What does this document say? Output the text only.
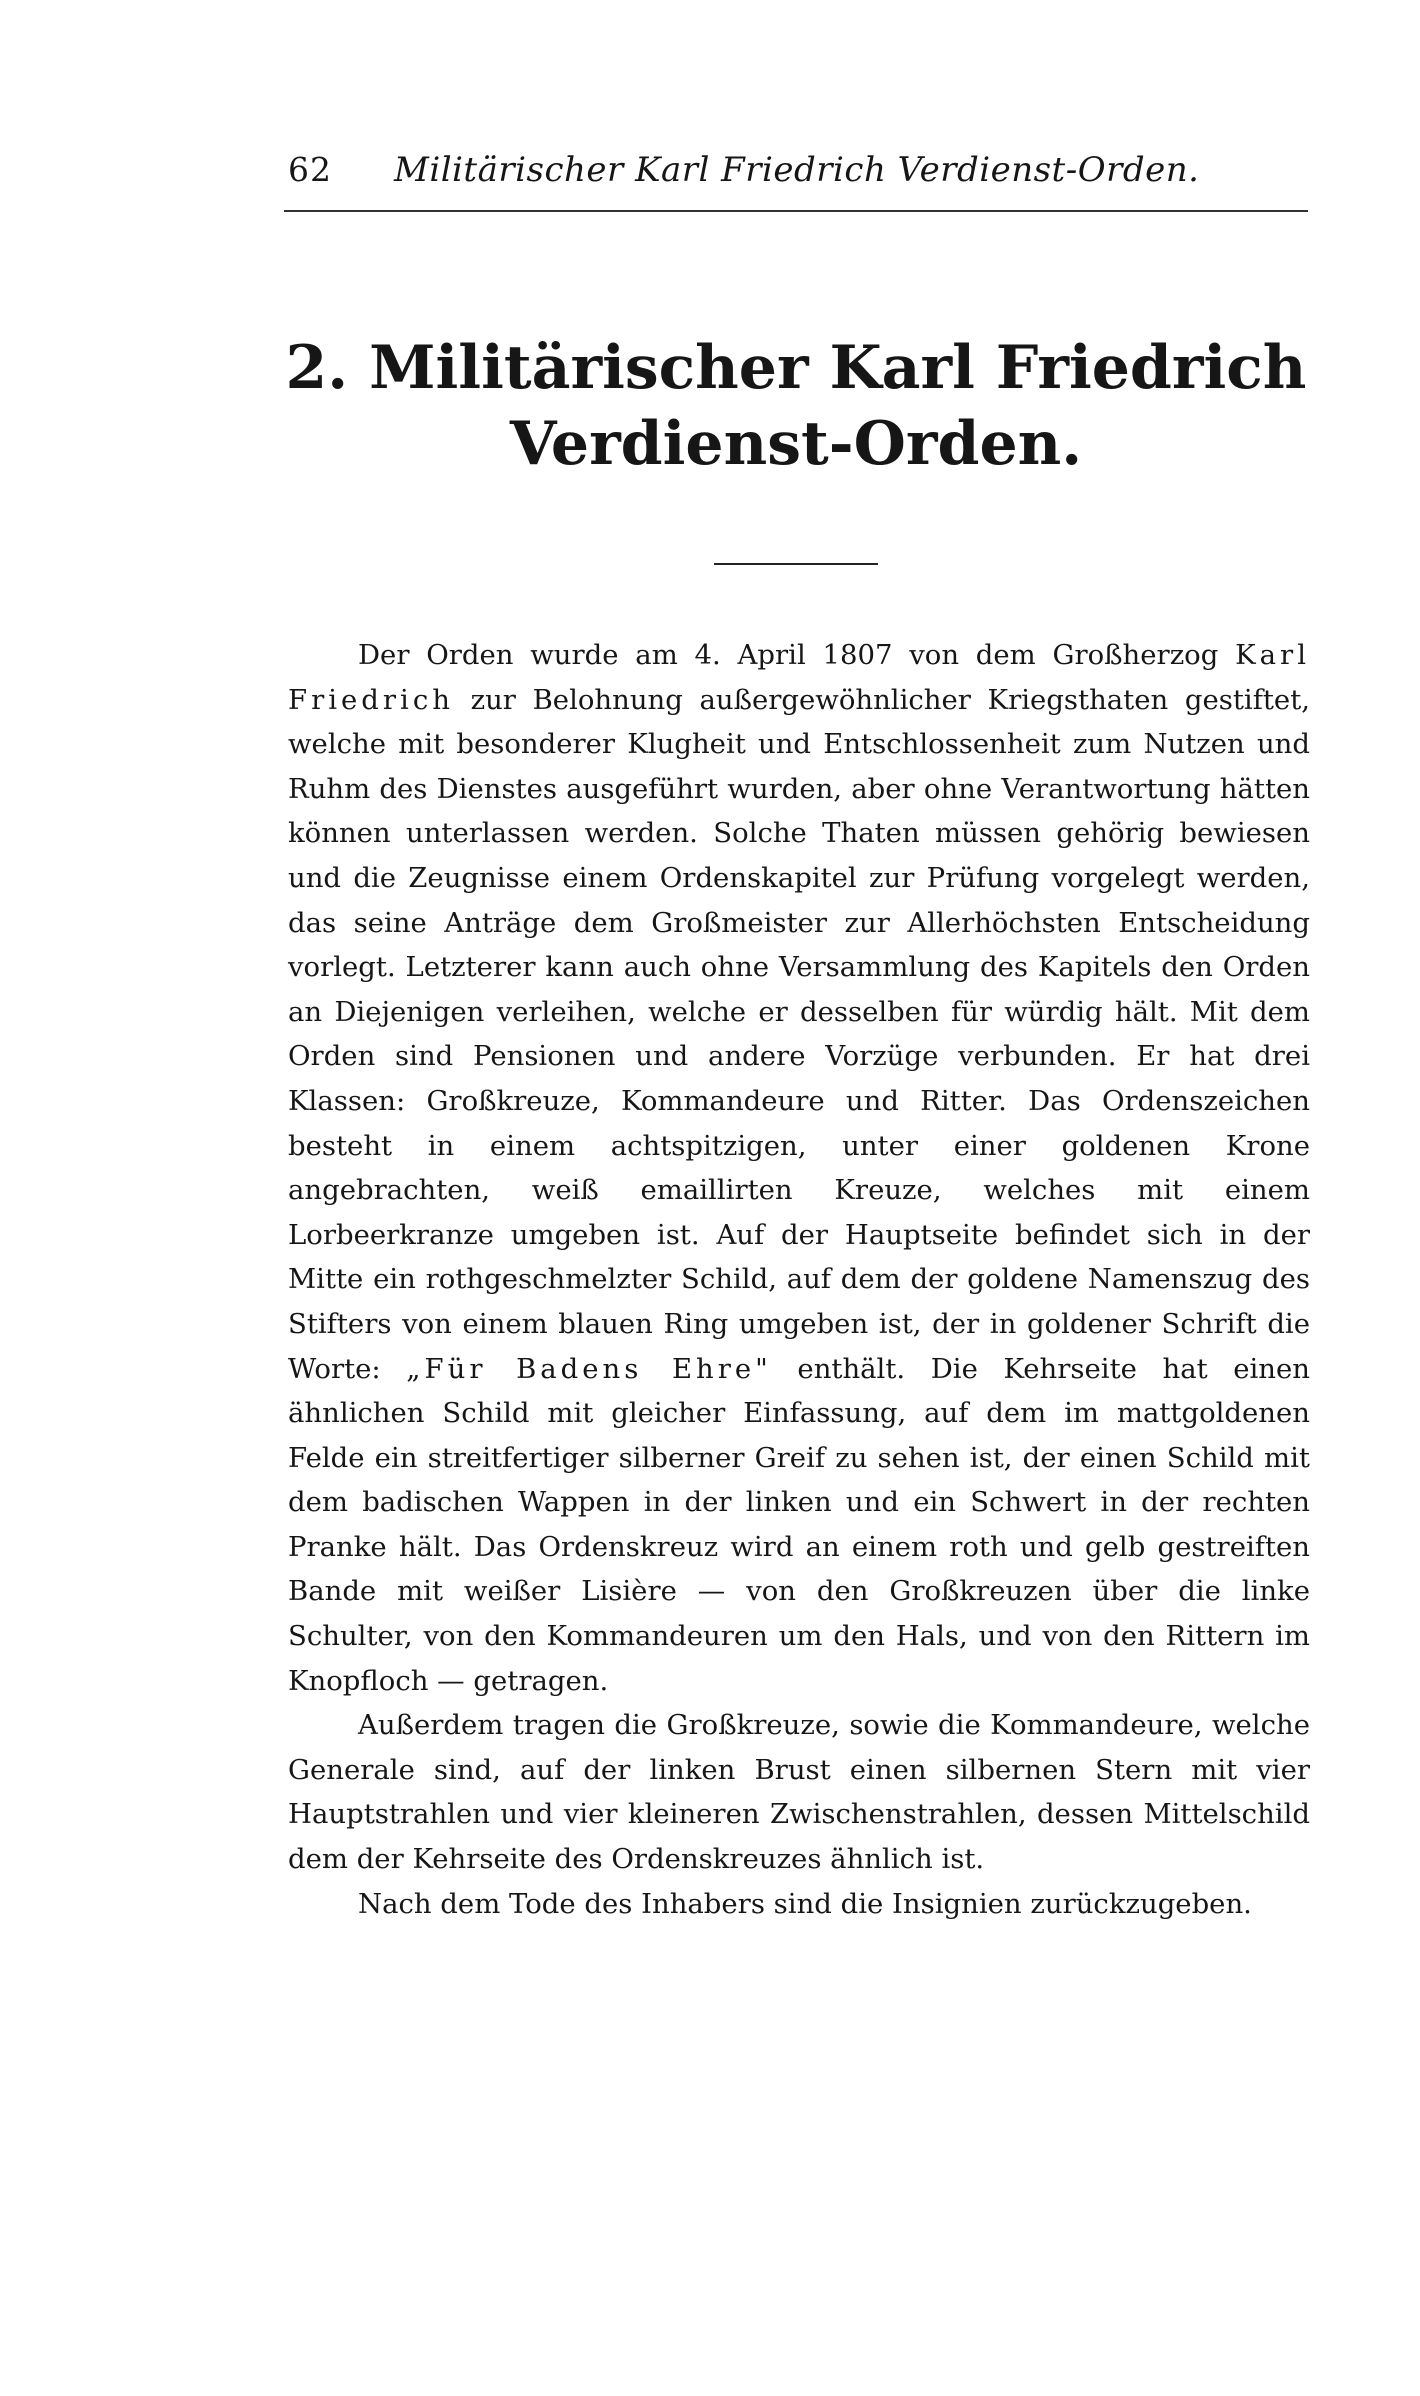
62 Militärischer Karl Friedrich Verdienst-Orden.
2. Militärischer Karl Friedrich
Verdienst-Orden.

Der Orden wurde am 4. April 1807 von dem Großherzog Karl Friedrich zur Belohnung außergewöhnlicher Kriegsthaten gestiftet, welche mit besonderer Klugheit und Entschlossenheit zum Nutzen und Ruhm des Dienstes ausgeführt wurden, aber ohne Verantwortung hätten können unterlassen werden. Solche Thaten müssen gehörig bewiesen und die Zeugnisse einem Ordenskapitel zur Prüfung vorgelegt werden, das seine Anträge dem Großmeister zur Allerhöchsten Entscheidung vorlegt. Letzterer kann auch ohne Versammlung des Kapitels den Orden an Diejenigen verleihen, welche er desselben für würdig hält. Mit dem Orden sind Pensionen und andere Vorzüge verbunden. Er hat drei Klassen: Großkreuze, Kommandeure und Ritter. Das Ordenszeichen besteht in einem achtspitzigen, unter einer goldenen Krone angebrachten, weiß emaillirten Kreuze, welches mit einem Lorbeerkranze umgeben ist. Auf der Hauptseite befindet sich in der Mitte ein rothgeschmelzter Schild, auf dem der goldene Namenszug des Stifters von einem blauen Ring umgeben ist, der in goldener Schrift die Worte: „Für Badens Ehre" enthält. Die Kehrseite hat einen ähnlichen Schild mit gleicher Einfassung, auf dem im mattgoldenen Felde ein streitfertiger silberner Greif zu sehen ist, der einen Schild mit dem badischen Wappen in der linken und ein Schwert in der rechten Pranke hält. Das Ordenskreuz wird an einem roth und gelb gestreiften Bande mit weißer Lisière — von den Großkreuzen über die linke Schulter, von den Kommandeuren um den Hals, und von den Rittern im Knopfloch — getragen.

Außerdem tragen die Großkreuze, sowie die Kommandeure, welche Generale sind, auf der linken Brust einen silbernen Stern mit vier Hauptstrahlen und vier kleineren Zwischenstrahlen, dessen Mittelschild dem der Kehrseite des Ordenskreuzes ähnlich ist.

Nach dem Tode des Inhabers sind die Insignien zurückzugeben.
